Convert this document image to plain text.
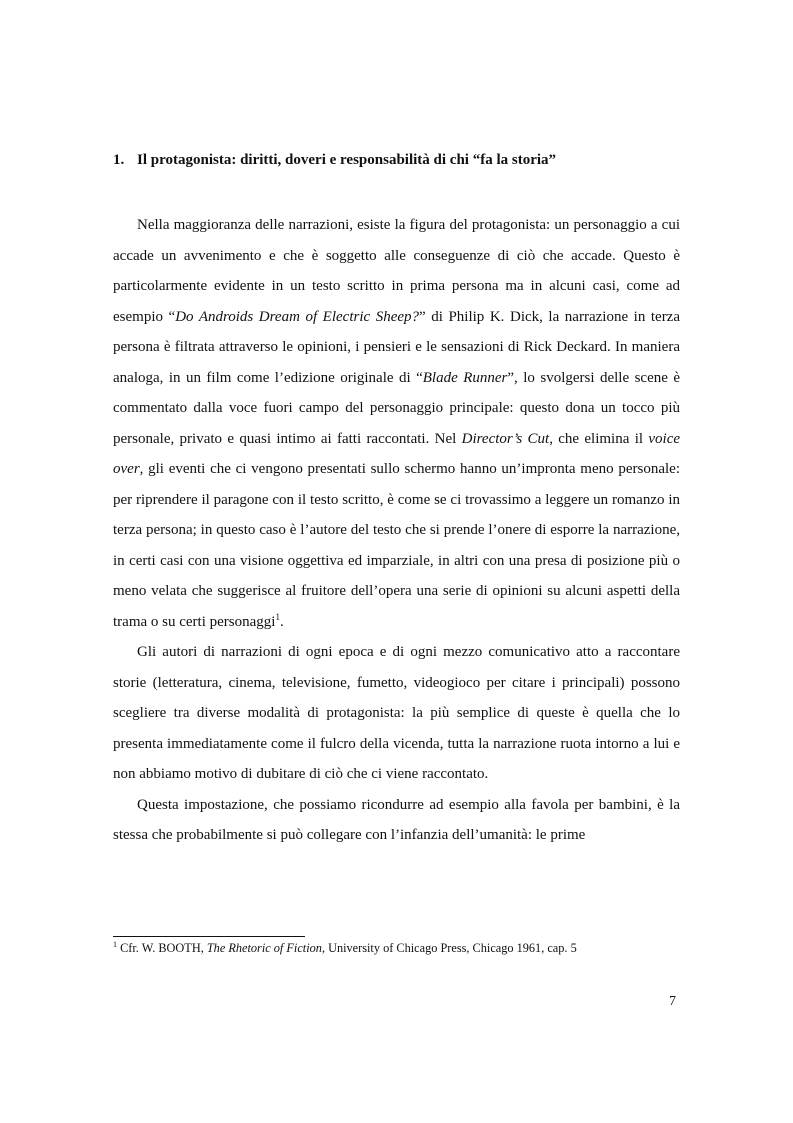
1. Il protagonista: diritti, doveri e responsabilità di chi “fa la storia”

Nella maggioranza delle narrazioni, esiste la figura del protagonista: un personaggio a cui accade un avvenimento e che è soggetto alle conseguenze di ciò che accade. Questo è particolarmente evidente in un testo scritto in prima persona ma in alcuni casi, come ad esempio “Do Androids Dream of Electric Sheep?” di Philip K. Dick, la narrazione in terza persona è filtrata attraverso le opinioni, i pensieri e le sensazioni di Rick Deckard. In maniera analoga, in un film come l’edizione originale di “Blade Runner”, lo svolgersi delle scene è commentato dalla voce fuori campo del personaggio principale: questo dona un tocco più personale, privato e quasi intimo ai fatti raccontati. Nel Director’s Cut, che elimina il voice over, gli eventi che ci vengono presentati sullo schermo hanno un’impronta meno personale: per riprendere il paragone con il testo scritto, è come se ci trovassimo a leggere un romanzo in terza persona; in questo caso è l’autore del testo che si prende l’onere di esporre la narrazione, in certi casi con una visione oggettiva ed imparziale, in altri con una presa di posizione più o meno velata che suggerisce al fruitore dell’opera una serie di opinioni su alcuni aspetti della trama o su certi personaggi$^1$.

Gli autori di narrazioni di ogni epoca e di ogni mezzo comunicativo atto a raccontare storie (letteratura, cinema, televisione, fumetto, videogioco per citare i principali) possono scegliere tra diverse modalità di protagonista: la più semplice di queste è quella che lo presenta immediatamente come il fulcro della vicenda, tutta la narrazione ruota intorno a lui e non abbiamo motivo di dubitare di ciò che ci viene raccontato.

Questa impostazione, che possiamo ricondurre ad esempio alla favola per bambini, è la stessa che probabilmente si può collegare con l’infanzia dell’umanità: le prime

$^1$ Cfr. W. BOOTH, The Rhetoric of Fiction, University of Chicago Press, Chicago 1961, cap. 5
7
